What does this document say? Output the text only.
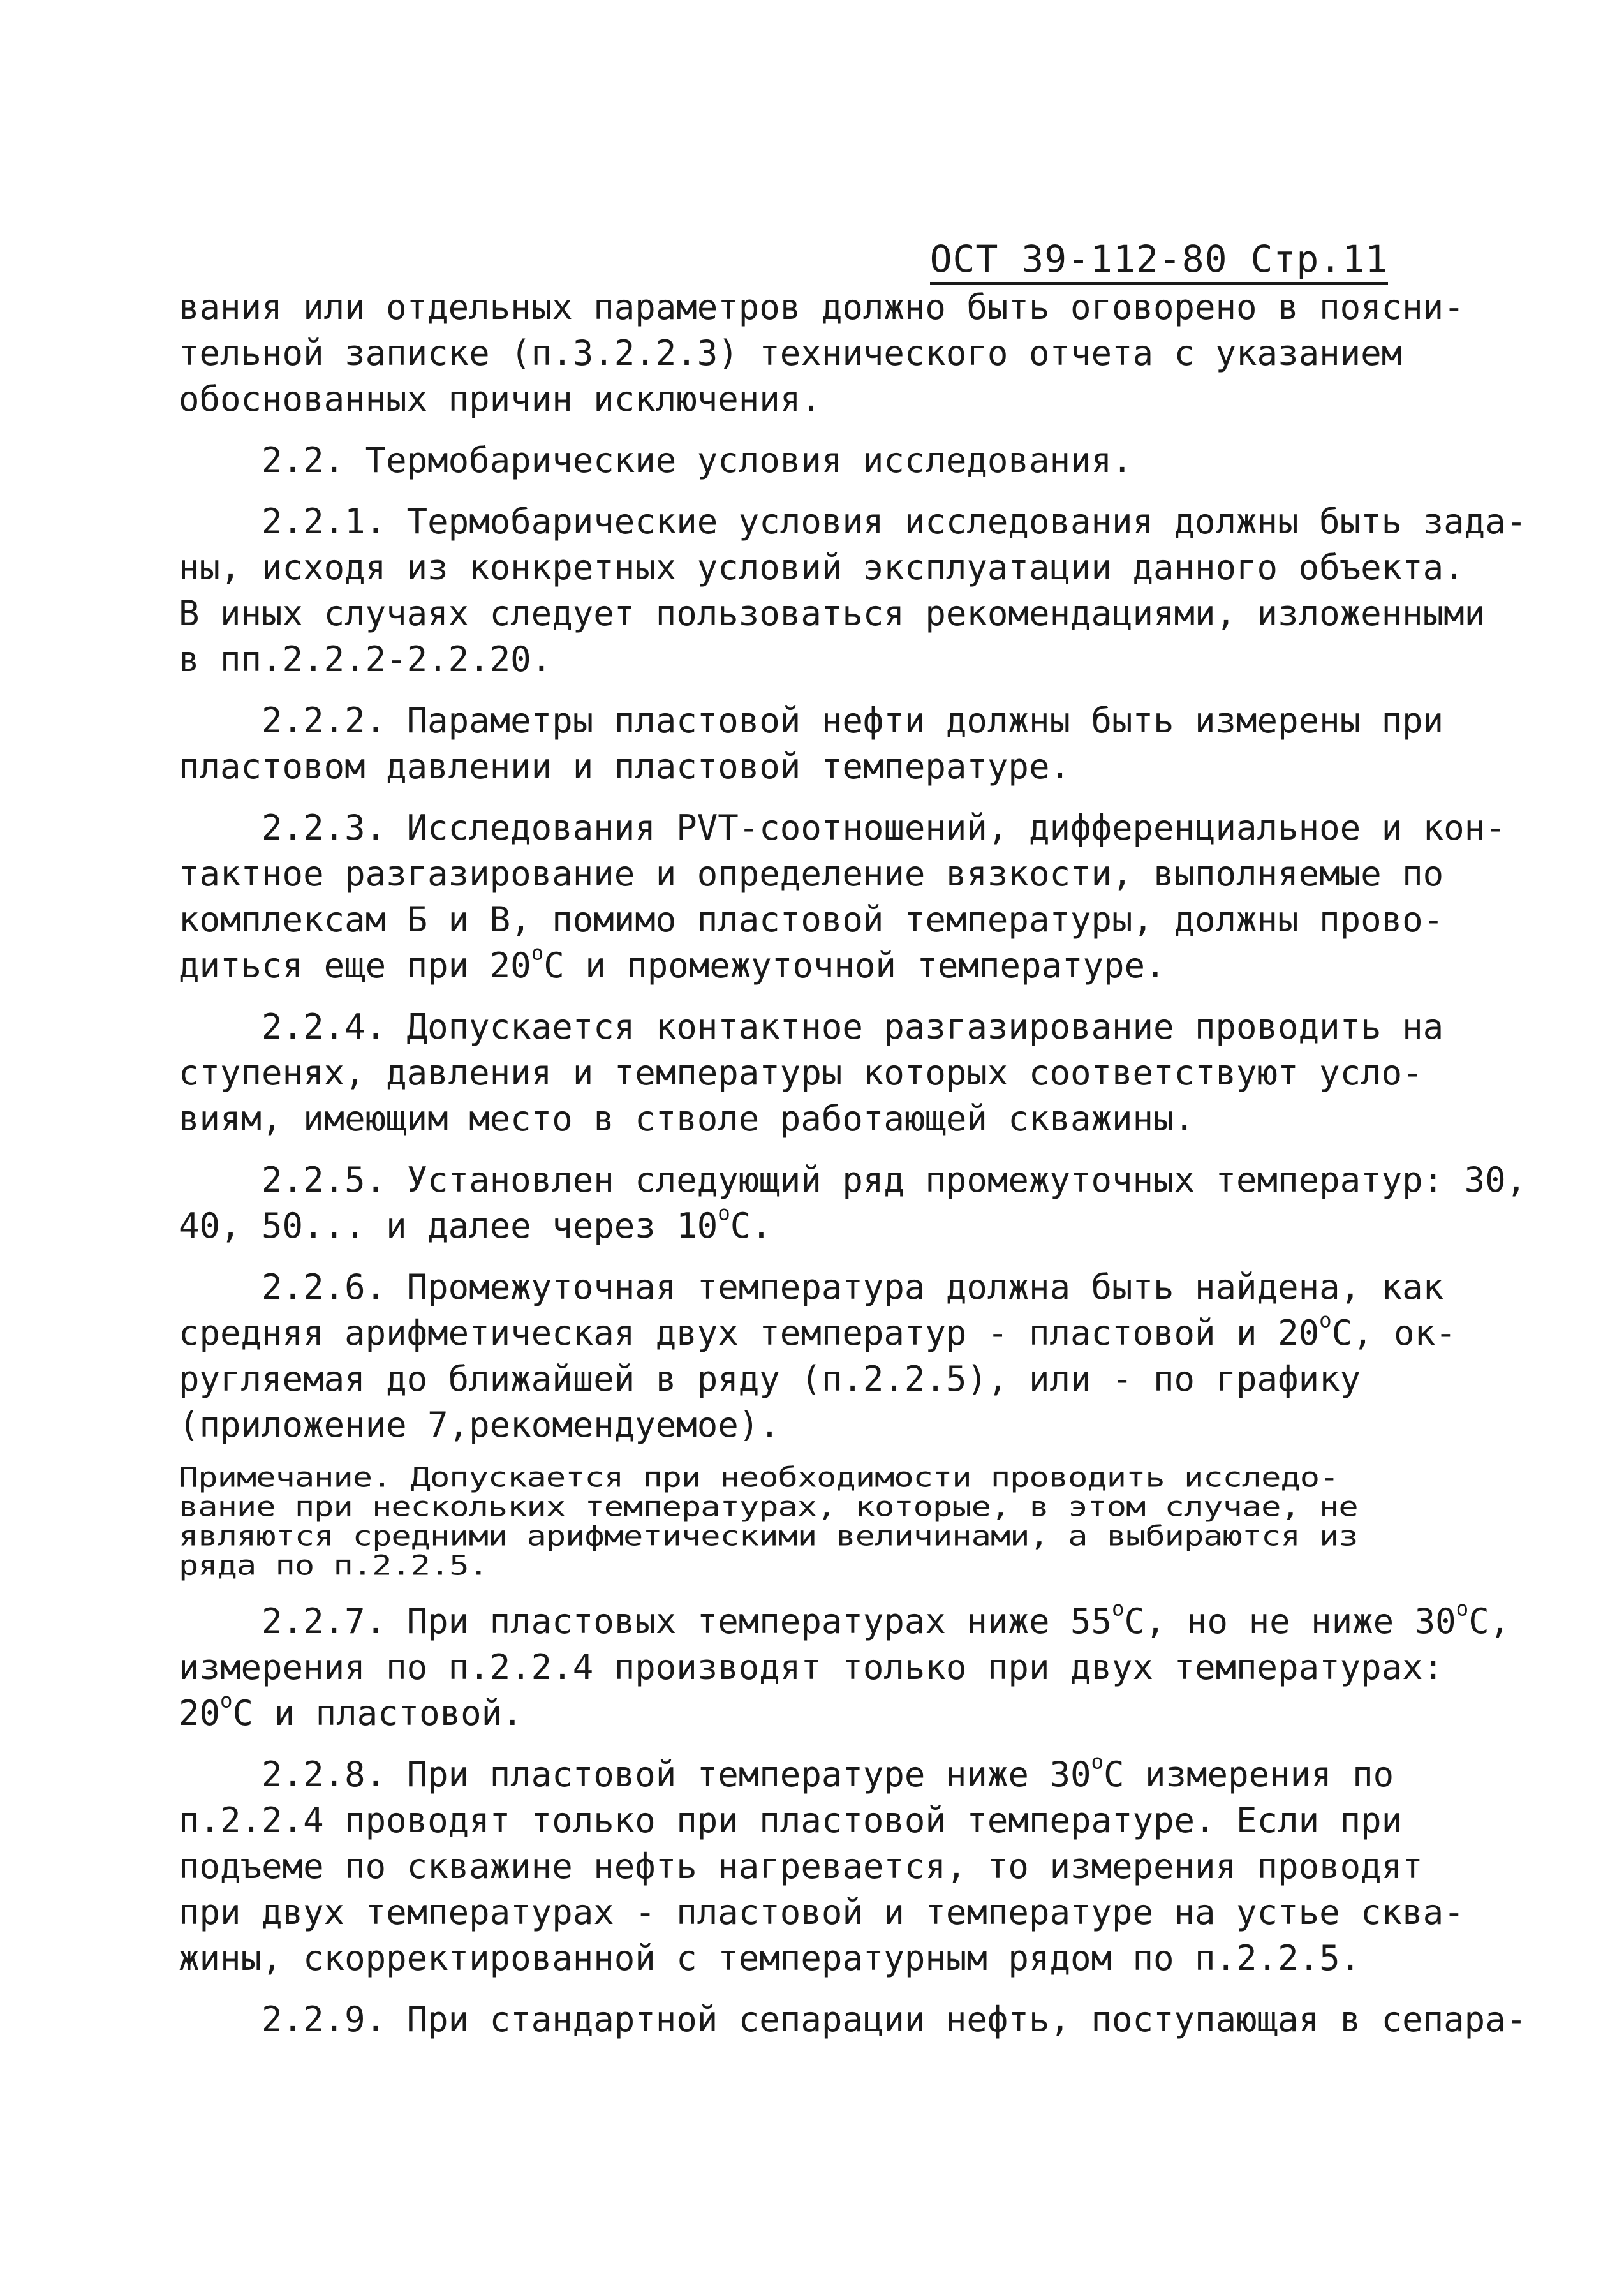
ОСТ 39-112-80 Стр.11
вания или отдельных параметров должно быть оговорено в поясни-
тельной записке (п.3.2.2.3) технического отчета с указанием
обоснованных причин исключения.
2.2. Термобарические условия исследования.
2.2.1. Термобарические условия исследования должны быть зада-
ны, исходя из конкретных условий эксплуатации данного объекта.
В иных случаях следует пользоваться рекомендациями, изложенными
в пп.2.2.2-2.2.20.
2.2.2. Параметры пластовой нефти должны быть измерены при
пластовом давлении и пластовой температуре.
2.2.3. Исследования PVT-соотношений, дифференциальное и кон-
тактное разгазирование и определение вязкости, выполняемые по
комплексам Б и В, помимо пластовой температуры, должны прово-
диться еще при $20^оС$ и промежуточной температуре.
2.2.4. Допускается контактное разгазирование проводить на
ступенях, давления и температуры которых соответствуют усло-
виям, имеющим место в стволе работающей скважины.
2.2.5. Установлен следующий ряд промежуточных температур: 30,
40, 50... и далее через $10^оС$.
2.2.6. Промежуточная температура должна быть найдена, как
средняя арифметическая двух температур - пластовой и $20^оС$, ок-
ругляемая до ближайшей в ряду (п.2.2.5), или - по графику
(приложение 7,рекомендуемое).
Примечание. Допускается при необходимости проводить исследо-
вание при нескольких температурах, которые, в этом случае, не
являются средними арифметическими величинами, а выбираются из
ряда по п.2.2.5.
2.2.7. При пластовых температурах ниже $55^оС$, но не ниже $30^оС$,
измерения по п.2.2.4 производят только при двух температурах:
$20^оС$ и пластовой.
2.2.8. При пластовой температуре ниже $30^оС$ измерения по
п.2.2.4 проводят только при пластовой температуре. Если при
подъеме по скважине нефть нагревается, то измерения проводят
при двух температурах - пластовой и температуре на устье сква-
жины, скорректированной с температурным рядом по п.2.2.5.
2.2.9. При стандартной сепарации нефть, поступающая в сепара-
